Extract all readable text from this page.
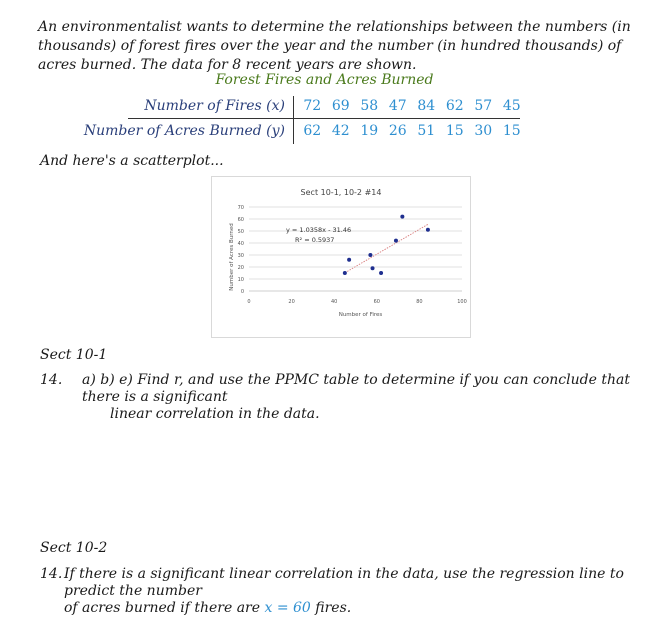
An environmentalist wants to determine the relationships between the numbers (in thousands) of forest fires over the year and the number (in hundred thousands) of acres burned. The data for 8 recent years are shown.
Forest Fires and Acres Burned
Number of Fires (x)	72 69 58 47 84 62 57 45
Number of Acres Burned (y)	62 42 19 26 51 15 30 15
And here's a scatterplot...
Sect 10-1, 10-2 #14
0
10
20
30
40
50
60
70
0	20	40	60	80	100
Number of Fires
Number of Acres Burned	y = 1.0358x - 31.46
R² = 0.5937
Sect 10-1
14. a) b) e) Find r, and use the PPMC table to determine if you can conclude that there is a significant
linear correlation in the data.
Sect 10-2
14. If there is a significant linear correlation in the data, use the regression line to predict the number
of acres burned if there are x = 60 fires.
